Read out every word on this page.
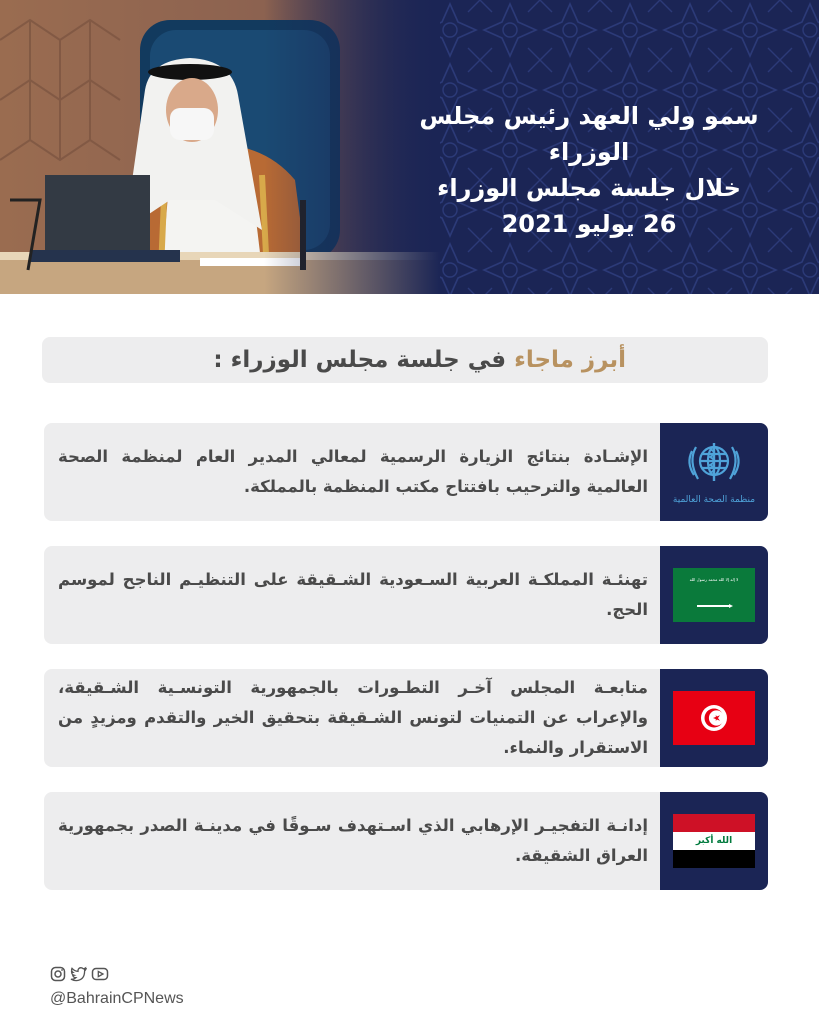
سمو ولي العهد رئيس مجلس الوزراء
خلال جلسة مجلس الوزراء
26 يوليو 2021
أبرز ماجاء في جلسة مجلس الوزراء :
منظمة الصحة العالمية
الإشـادة بنتائج الزيارة الرسمية لمعالي المدير العام لمنظمة الصحة العالمية والترحيب بافتتاح مكتب المنظمة بالمملكة.
لا إله إلا الله محمد رسول الله
تهنئـة المملكـة العربية السـعودية الشـقيقة على التنظيـم الناجح لموسم الحج.
متابعـة المجلس آخـر التطـورات بالجمهورية التونسـية الشـقيقة، والإعراب عن التمنيات لتونس الشـقيقة بتحقيق الخير والتقدم ومزيدٍ من الاستقرار والنماء.
الله أكبر
إدانـة التفجيـر الإرهابي الذي اسـتهدف سـوقًا في مدينـة الصدر بجمهورية العراق الشقيقة.
@BahrainCPNews
